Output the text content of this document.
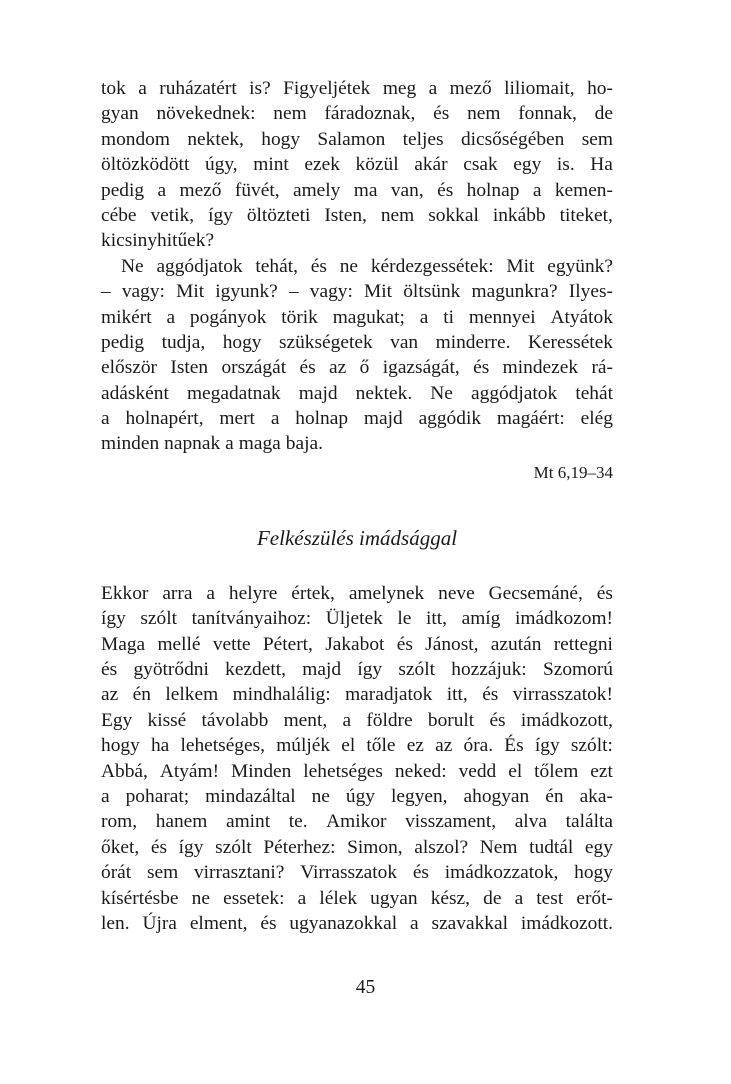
tok a ruházatért is? Figyeljétek meg a mező liliomait, ho-
gyan növekednek: nem fáradoznak, és nem fonnak, de
mondom nektek, hogy Salamon teljes dicsőségében sem
öltözködött úgy, mint ezek közül akár csak egy is. Ha
pedig a mező füvét, amely ma van, és holnap a kemen-
cébe vetik, így öltözteti Isten, nem sokkal inkább titeket,
kicsinyhitűek?
Ne aggódjatok tehát, és ne kérdezgessétek: Mit együnk?
– vagy: Mit igyunk? – vagy: Mit öltsünk magunkra? Ilyes-
mikért a pogányok törik magukat; a ti mennyei Atyátok
pedig tudja, hogy szükségetek van minderre. Keressétek
először Isten országát és az ő igazságát, és mindezek rá-
adásként megadatnak majd nektek. Ne aggódjatok tehát
a holnapért, mert a holnap majd aggódik magáért: elég
minden napnak a maga baja.
Mt 6,19–34
Felkészülés imádsággal
Ekkor arra a helyre értek, amelynek neve Gecsemáné, és
így szólt tanítványaihoz: Üljetek le itt, amíg imádkozom!
Maga mellé vette Pétert, Jakabot és Jánost, azután rettegni
és gyötrődni kezdett, majd így szólt hozzájuk: Szomorú
az én lelkem mindhalálig: maradjatok itt, és virrasszatok!
Egy kissé távolabb ment, a földre borult és imádkozott,
hogy ha lehetséges, múljék el tőle ez az óra. És így szólt:
Abbá, Atyám! Minden lehetséges neked: vedd el tőlem ezt
a poharat; mindazáltal ne úgy legyen, ahogyan én aka-
rom, hanem amint te. Amikor visszament, alva találta
őket, és így szólt Péterhez: Simon, alszol? Nem tudtál egy
órát sem virrasztani? Virrasszatok és imádkozzatok, hogy
kísértésbe ne essetek: a lélek ugyan kész, de a test erőt-
len. Újra elment, és ugyanazokkal a szavakkal imádkozott.
45
